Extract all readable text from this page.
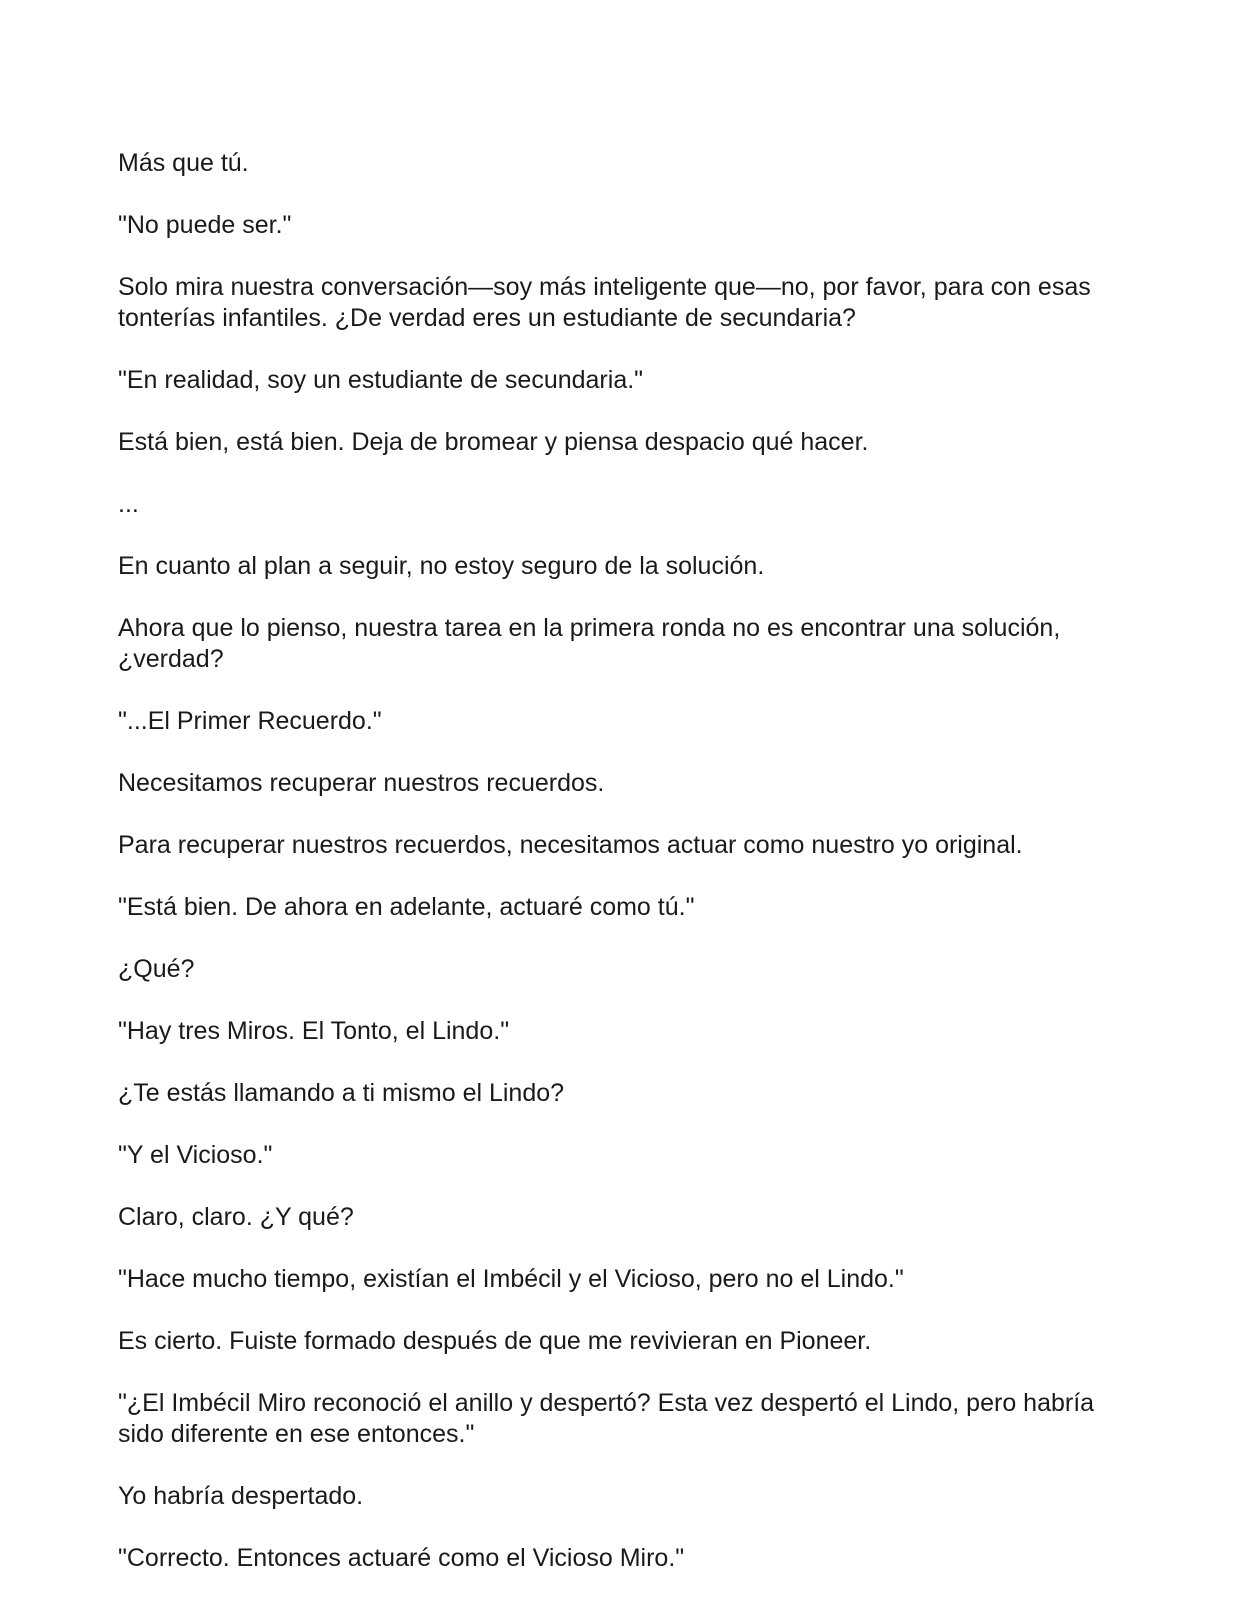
Más que tú.

"No puede ser."

Solo mira nuestra conversación—soy más inteligente que—no, por favor, para con esas tonterías infantiles. ¿De verdad eres un estudiante de secundaria?

"En realidad, soy un estudiante de secundaria."

Está bien, está bien. Deja de bromear y piensa despacio qué hacer.

...

En cuanto al plan a seguir, no estoy seguro de la solución.

Ahora que lo pienso, nuestra tarea en la primera ronda no es encontrar una solución, ¿verdad?

"...El Primer Recuerdo."

Necesitamos recuperar nuestros recuerdos.

Para recuperar nuestros recuerdos, necesitamos actuar como nuestro yo original.

"Está bien. De ahora en adelante, actuaré como tú."

¿Qué?

"Hay tres Miros. El Tonto, el Lindo."

¿Te estás llamando a ti mismo el Lindo?

"Y el Vicioso."

Claro, claro. ¿Y qué?

"Hace mucho tiempo, existían el Imbécil y el Vicioso, pero no el Lindo."

Es cierto. Fuiste formado después de que me revivieran en Pioneer.

"¿El Imbécil Miro reconoció el anillo y despertó? Esta vez despertó el Lindo, pero habría sido diferente en ese entonces."

Yo habría despertado.

"Correcto. Entonces actuaré como el Vicioso Miro."
